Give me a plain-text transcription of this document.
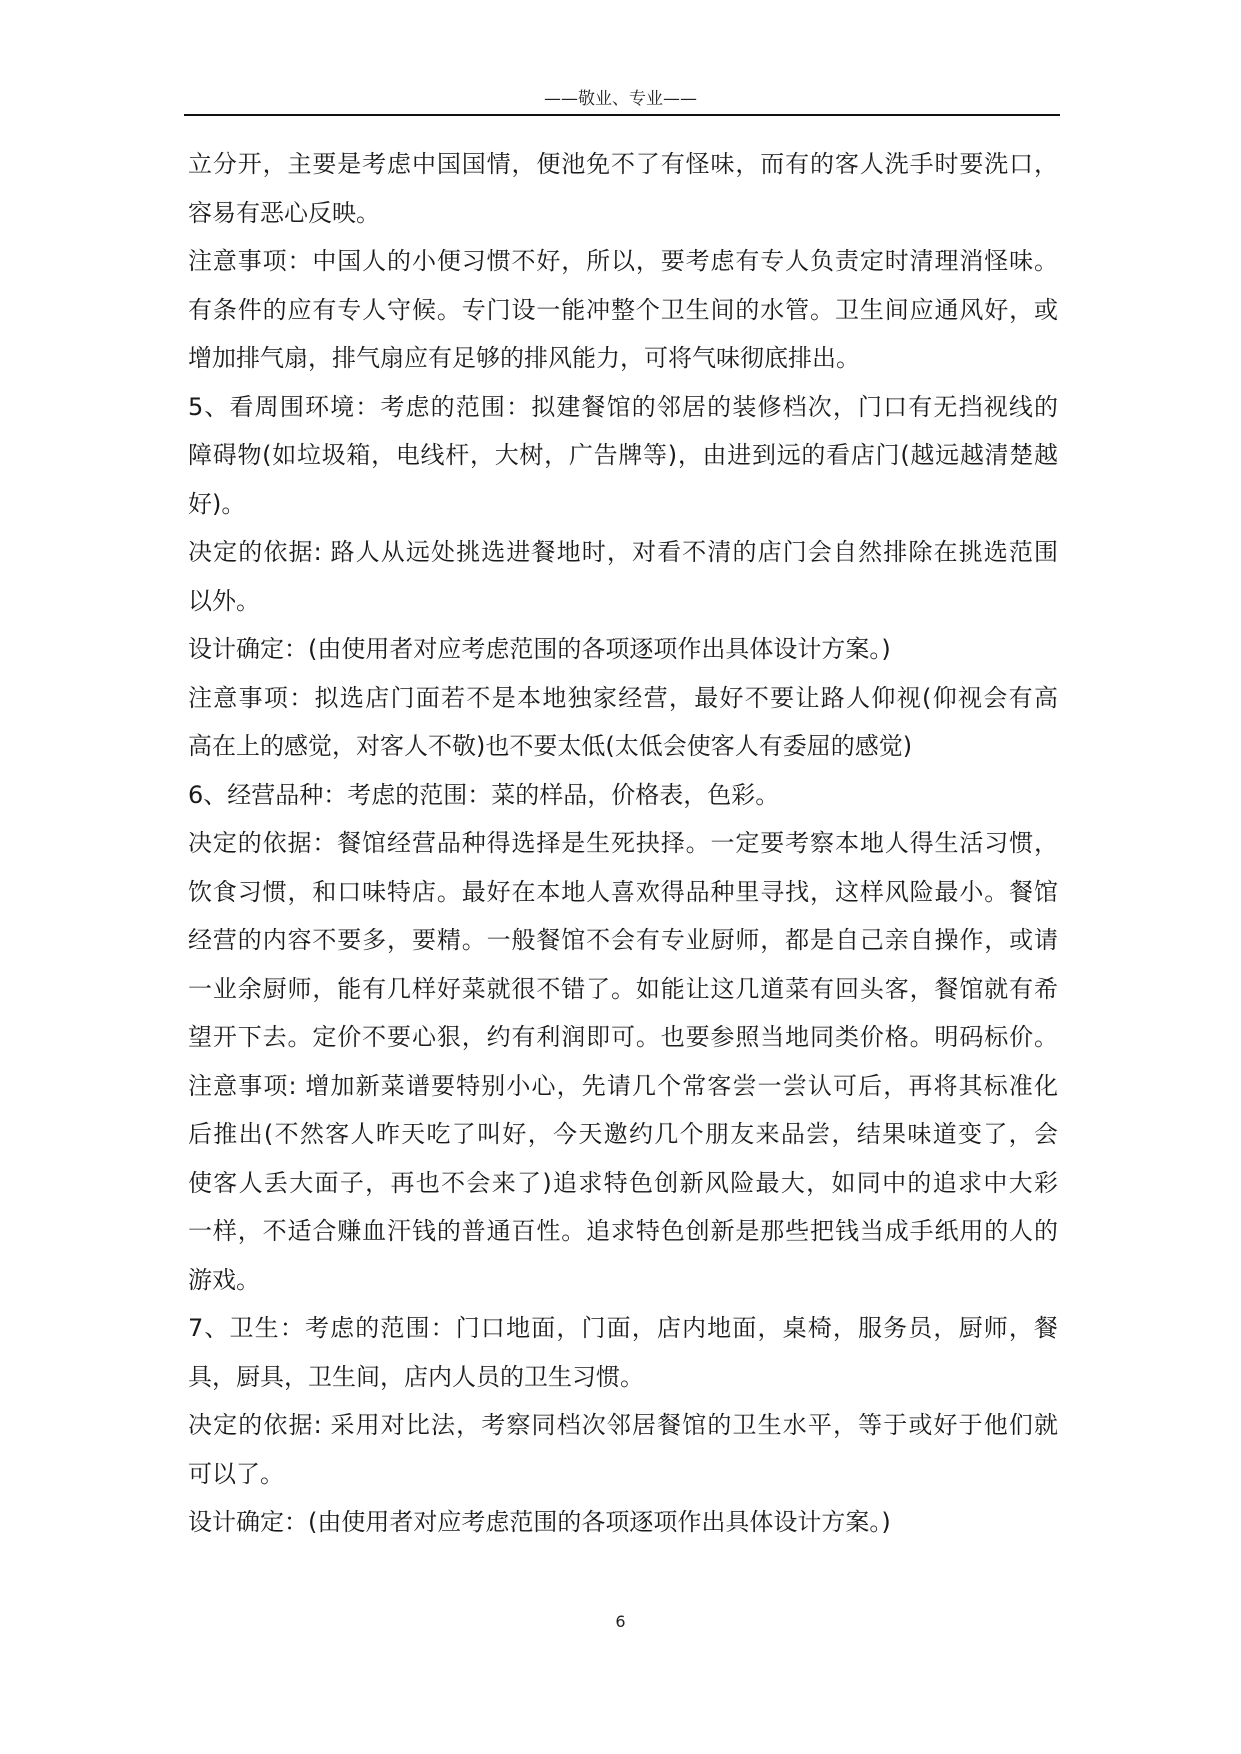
——敬业、专业——
立分开，主要是考虑中国国情，便池免不了有怪味，而有的客人洗手时要洗口，
容易有恶心反映。
注意事项：中国人的小便习惯不好，所以，要考虑有专人负责定时清理消怪味。
有条件的应有专人守候。专门设一能冲整个卫生间的水管。卫生间应通风好，或
增加排气扇，排气扇应有足够的排风能力，可将气味彻底排出。
5、看周围环境：考虑的范围：拟建餐馆的邻居的装修档次，门口有无挡视线的
障碍物(如垃圾箱，电线杆，大树，广告牌等)，由进到远的看店门(越远越清楚越
好)。
决定的依据: 路人从远处挑选进餐地时，对看不清的店门会自然排除在挑选范围
以外。
设计确定：(由使用者对应考虑范围的各项逐项作出具体设计方案。)
注意事项：拟选店门面若不是本地独家经营，最好不要让路人仰视(仰视会有高
高在上的感觉，对客人不敬)也不要太低(太低会使客人有委屈的感觉)
6、经营品种：考虑的范围：菜的样品，价格表，色彩。
决定的依据：餐馆经营品种得选择是生死抉择。一定要考察本地人得生活习惯，
饮食习惯，和口味特店。最好在本地人喜欢得品种里寻找，这样风险最小。餐馆
经营的内容不要多，要精。一般餐馆不会有专业厨师，都是自己亲自操作，或请
一业余厨师，能有几样好菜就很不错了。如能让这几道菜有回头客，餐馆就有希
望开下去。定价不要心狠，约有利润即可。也要参照当地同类价格。明码标价。
注意事项: 增加新菜谱要特别小心，先请几个常客尝一尝认可后，再将其标准化
后推出(不然客人昨天吃了叫好，今天邀约几个朋友来品尝，结果味道变了，会
使客人丢大面子，再也不会来了)追求特色创新风险最大，如同中的追求中大彩
一样，不适合赚血汗钱的普通百性。追求特色创新是那些把钱当成手纸用的人的
游戏。
7、卫生：考虑的范围：门口地面，门面，店内地面，桌椅，服务员，厨师，餐
具，厨具，卫生间，店内人员的卫生习惯。
决定的依据: 采用对比法，考察同档次邻居餐馆的卫生水平，等于或好于他们就
可以了。
设计确定：(由使用者对应考虑范围的各项逐项作出具体设计方案。)
6
